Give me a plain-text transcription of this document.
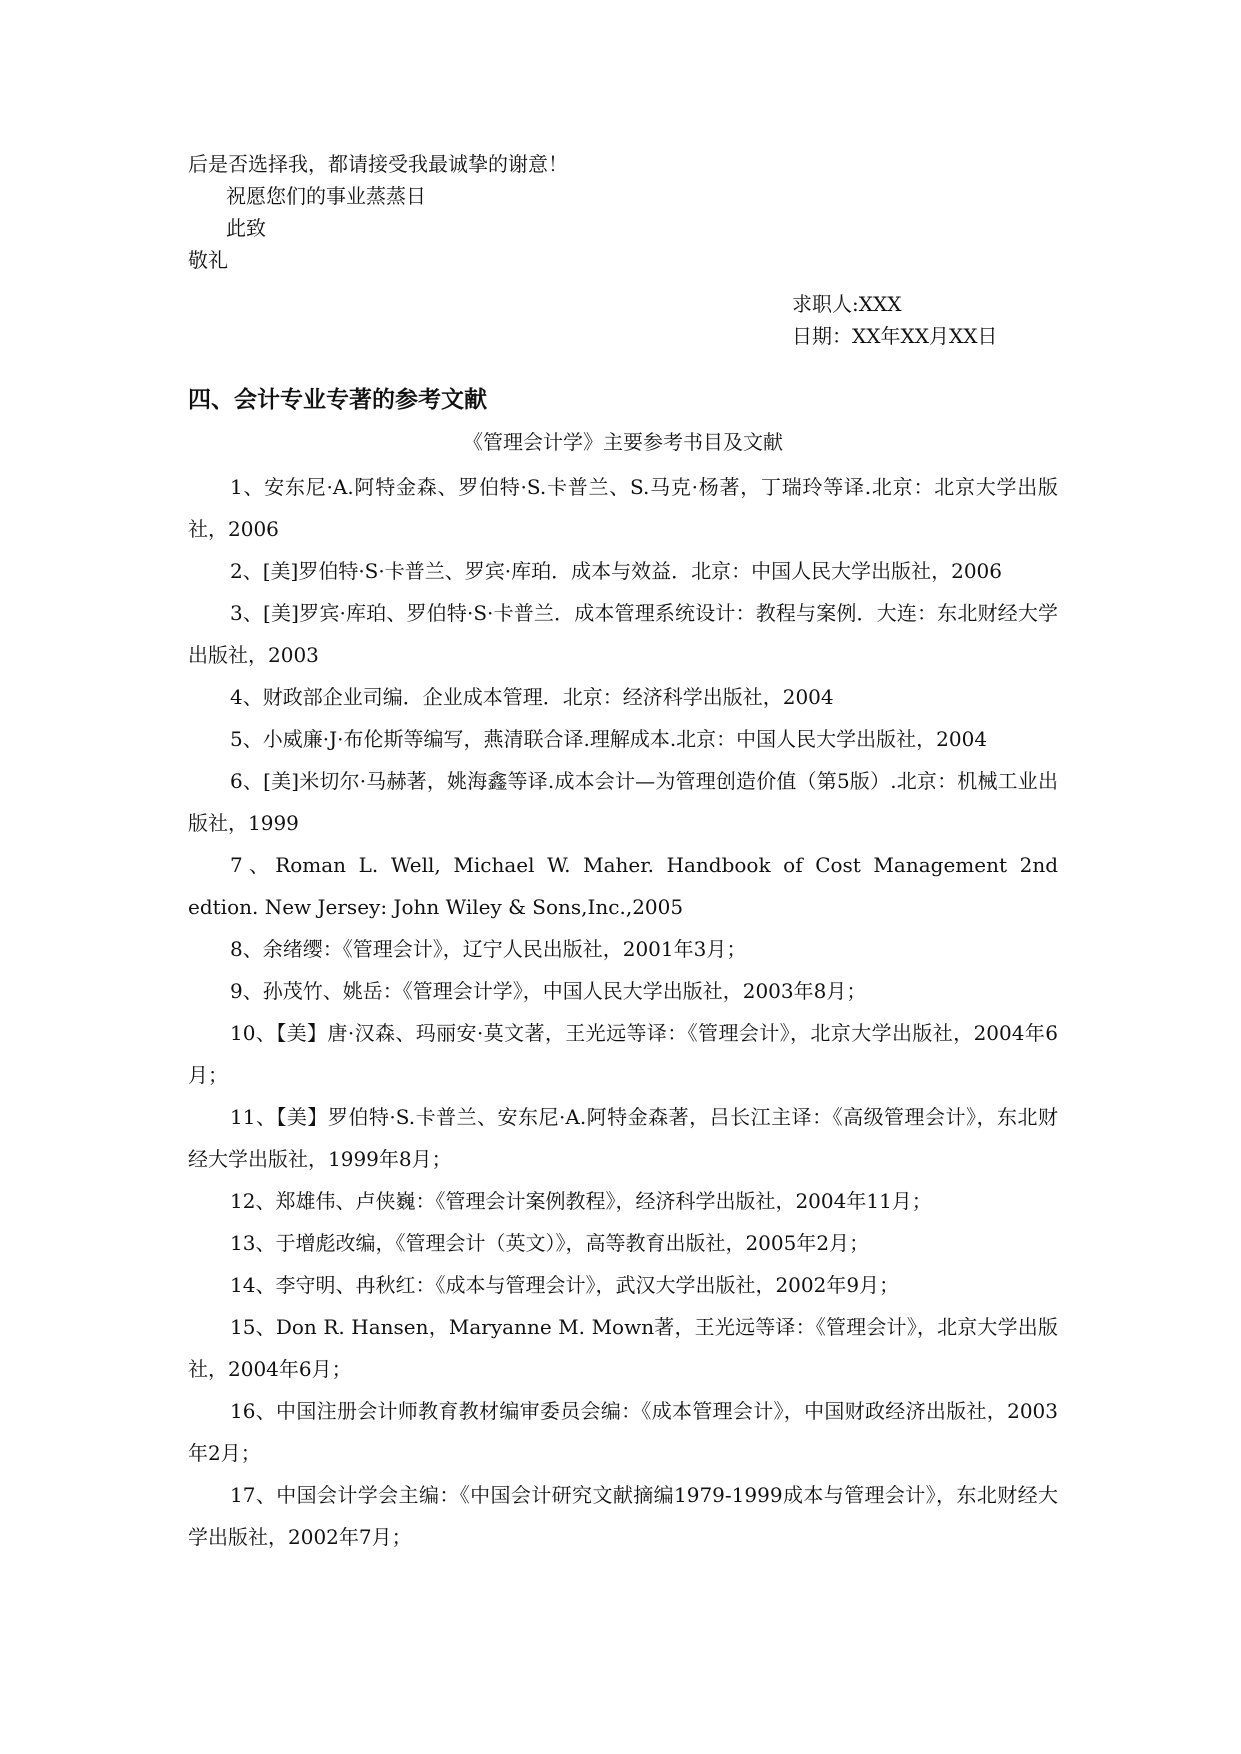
后是否选择我，都请接受我最诚挚的谢意！

祝愿您们的事业蒸蒸日

此致

敬礼

求职人:XXX
日期：XX年XX月XX日
四、会计专业专著的参考文献

《管理会计学》主要参考书目及文献

1、安东尼·A.阿特金森、罗伯特·S.卡普兰、S.马克·杨著，丁瑞玲等译.北京：北京大学出版社，2006

2、[美]罗伯特·S·卡普兰、罗宾·库珀．成本与效益．北京：中国人民大学出版社，2006

3、[美]罗宾·库珀、罗伯特·S·卡普兰．成本管理系统设计：教程与案例．大连：东北财经大学出版社，2003

4、财政部企业司编．企业成本管理．北京：经济科学出版社，2004

5、小威廉·J·布伦斯等编写，燕清联合译.理解成本.北京：中国人民大学出版社，2004

6、[美]米切尔·马赫著，姚海鑫等译.成本会计—为管理创造价值（第5版）.北京：机械工业出版社，1999

7、Roman L. Well, Michael W. Maher. Handbook of Cost Management 2nd edtion. New Jersey: John Wiley & Sons,Inc.,2005

8、余绪缨：《管理会计》，辽宁人民出版社，2001年3月；

9、孙茂竹、姚岳：《管理会计学》，中国人民大学出版社，2003年8月；

10、【美】唐·汉森、玛丽安·莫文著，王光远等译：《管理会计》，北京大学出版社，2004年6月；

11、【美】罗伯特·S.卡普兰、安东尼·A.阿特金森著，吕长江主译：《高级管理会计》，东北财经大学出版社，1999年8月；

12、郑雄伟、卢侠巍：《管理会计案例教程》，经济科学出版社，2004年11月；

13、于增彪改编，《管理会计（英文）》，高等教育出版社，2005年2月；

14、李守明、冉秋红：《成本与管理会计》，武汉大学出版社，2002年9月；

15、Don R. Hansen，Maryanne M. Mown著，王光远等译：《管理会计》，北京大学出版社，2004年6月；

16、中国注册会计师教育教材编审委员会编：《成本管理会计》，中国财政经济出版社，2003年2月；

17、中国会计学会主编：《中国会计研究文献摘编1979-1999成本与管理会计》，东北财经大学出版社，2002年7月；
